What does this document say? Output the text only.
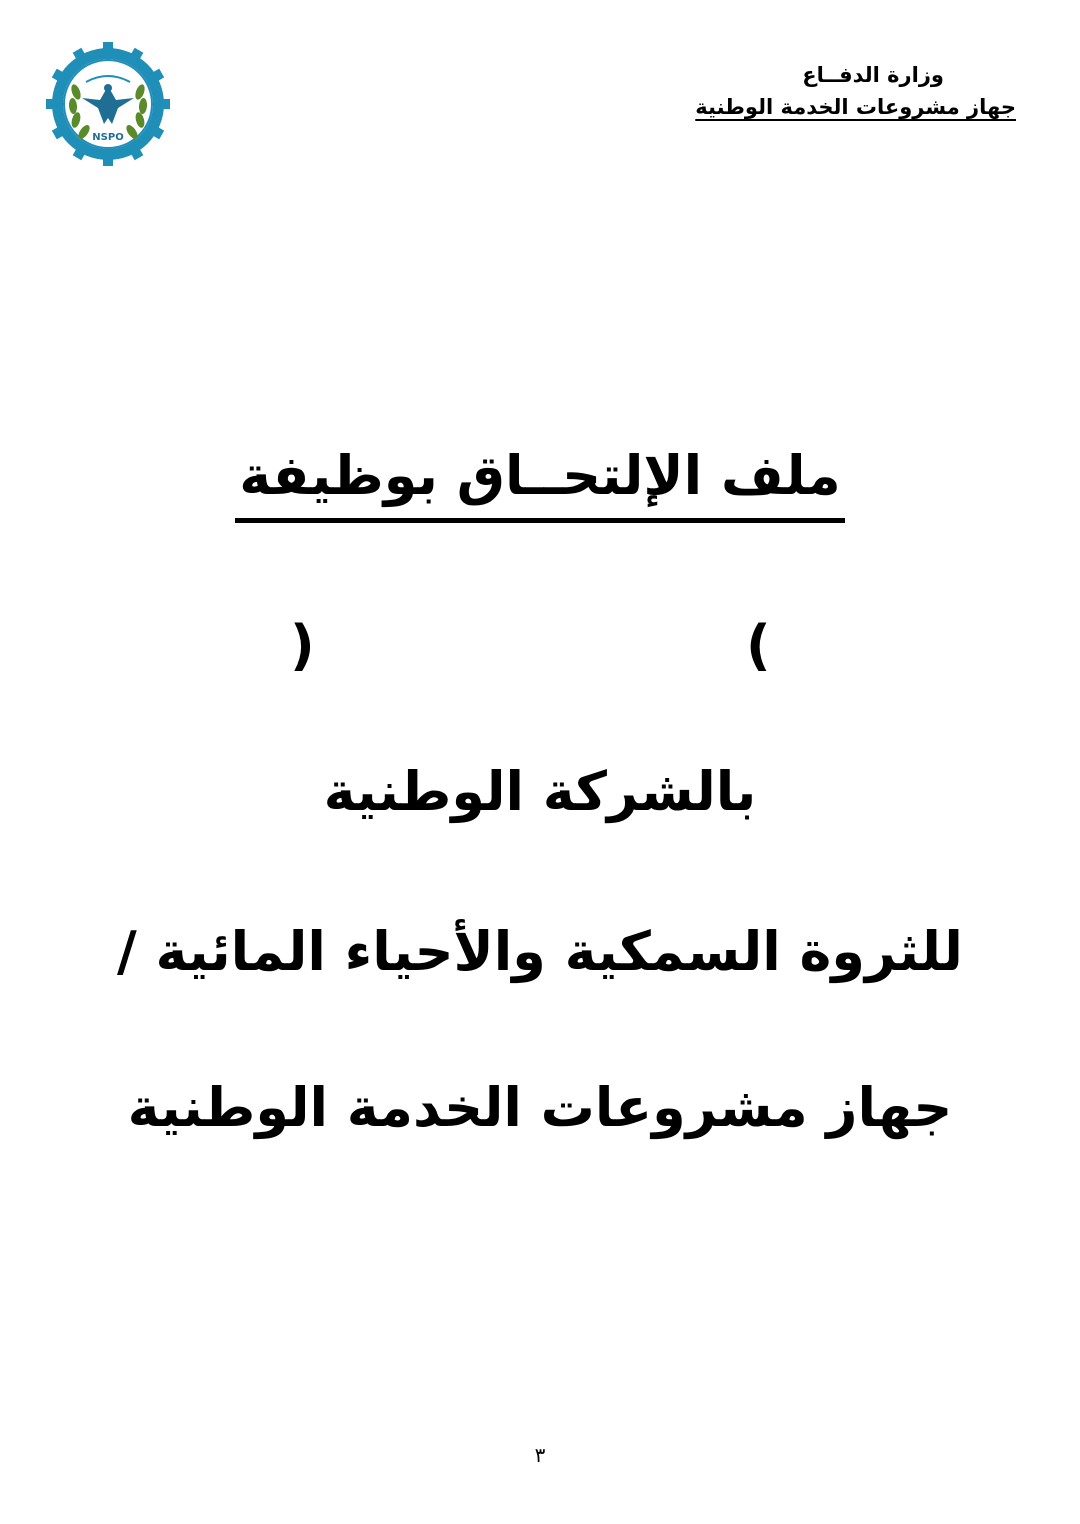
وزارة الدفــاع
جهاز مشروعات الخدمة الوطنية
NSPO
ملف الإلتحــاق بوظيفة
)	(
بالشركة الوطنية
للثروة السمكية والأحياء المائية /
جهاز مشروعات الخدمة الوطنية
٣
